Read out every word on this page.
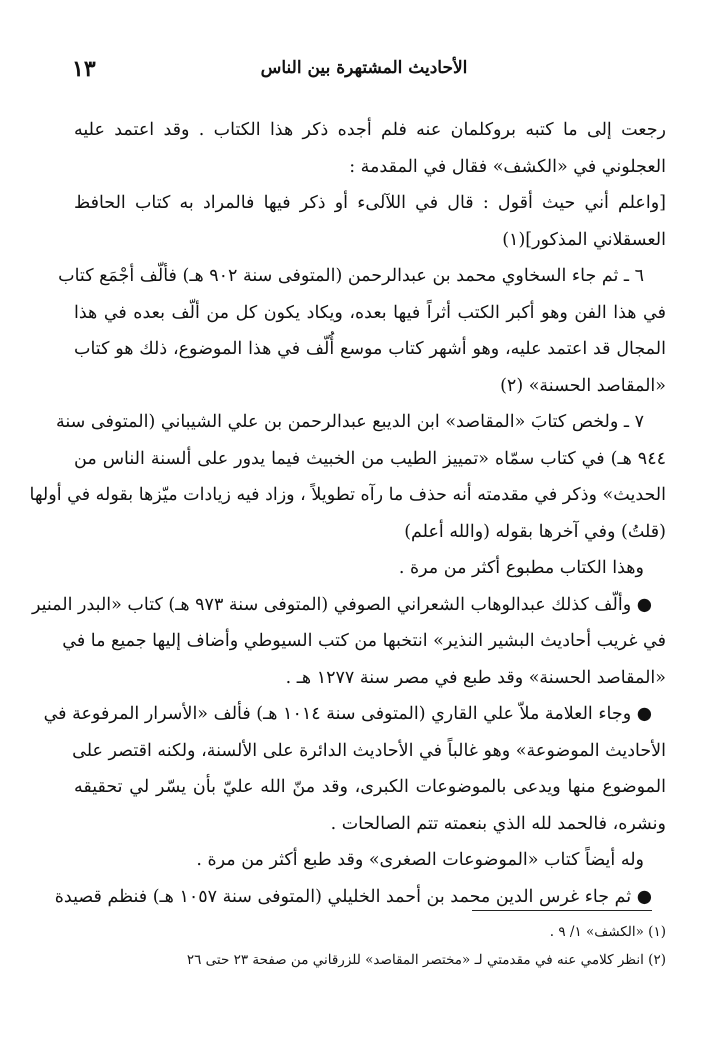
١٣	الأحاديث المشتهرة بين الناس
رجعت إلى ما كتبه بروكلمان عنه فلم أجده ذكر هذا الكتاب . وقد اعتمد عليه
العجلوني في «الكشف» فقال في المقدمة :
[واعلم أني حيث أقول : قال في اللآلىء أو ذكر فيها فالمراد به كتاب الحافظ
العسقلاني المذكور](١)
٦ ـ ثم جاء السخاوي محمد بن عبدالرحمن (المتوفى سنة ٩٠٢ هـ) فألّف أجْمَع كتاب
في هذا الفن وهو أكبر الكتب أثراً فيها بعده، ويكاد يكون كل من ألّف بعده في هذا
المجال قد اعتمد عليه، وهو أشهر كتاب موسع أُلّف في هذا الموضوع، ذلك هو كتاب
«المقاصد الحسنة» (٢)
٧ ـ ولخص كتابَ «المقاصد» ابن الديبع عبدالرحمن بن علي الشيباني (المتوفى سنة
٩٤٤ هـ) في كتاب سمّاه «تمييز الطيب من الخبيث فيما يدور على ألسنة الناس من
الحديث» وذكر في مقدمته أنه حذف ما رآه تطويلاً ، وزاد فيه زيادات ميّزها بقوله في أولها
(قلتُ) وفي آخرها بقوله (والله أعلم)
وهذا الكتاب مطبوع أكثر من مرة .
● وألّف كذلك عبدالوهاب الشعراني الصوفي (المتوفى سنة ٩٧٣ هـ) كتاب «البدر المنير
في غريب أحاديث البشير النذير» انتخبها من كتب السيوطي وأضاف إليها جميع ما في
«المقاصد الحسنة» وقد طبع في مصر سنة ١٢٧٧ هـ .
● وجاء العلامة ملاّ علي القاري (المتوفى سنة ١٠١٤ هـ) فألف «الأسرار المرفوعة في
الأحاديث الموضوعة» وهو غالباً في الأحاديث الدائرة على الألسنة، ولكنه اقتصر على
الموضوع منها ويدعى بالموضوعات الكبرى، وقد منّ الله عليّ بأن يسّر لي تحقيقه
ونشره، فالحمد لله الذي بنعمته تتم الصالحات .
وله أيضاً كتاب «الموضوعات الصغرى» وقد طبع أكثر من مرة .
● ثم جاء غرس الدين محمد بن أحمد الخليلي (المتوفى سنة ١٠٥٧ هـ) فنظم قصيدة
(١) «الكشف» ١/ ٩ .
(٢) انظر كلامي عنه في مقدمتي لـ «مختصر المقاصد» للزرقاني من صفحة ٢٣ حتى ٢٦
